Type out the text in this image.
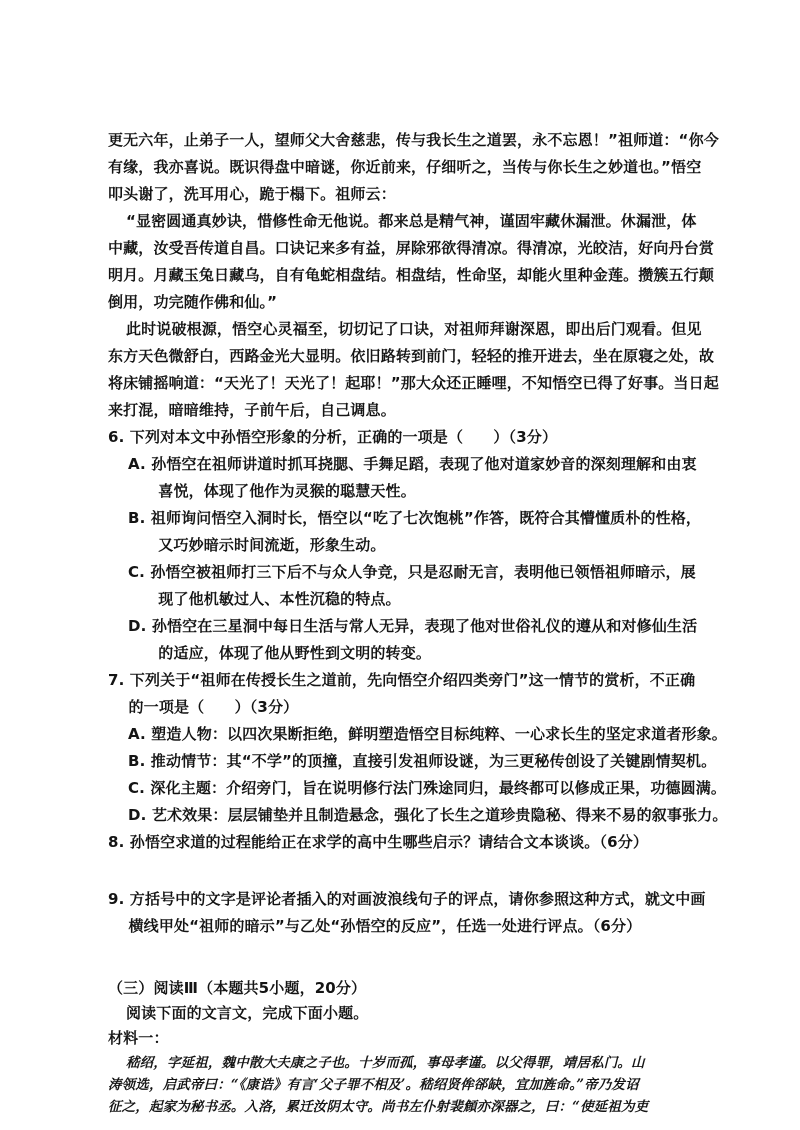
更无六年，止弟子一人，望师父大舍慈悲，传与我长生之道罢，永不忘恩！”祖师道：“你今
有缘，我亦喜说。既识得盘中暗谜，你近前来，仔细听之，当传与你长生之妙道也。”悟空
叩头谢了，洗耳用心，跪于榻下。祖师云：
“显密圆通真妙诀，惜修性命无他说。都来总是精气神，谨固牢藏休漏泄。休漏泄，体
中藏，汝受吾传道自昌。口诀记来多有益，屏除邪欲得清凉。得清凉，光皎洁，好向丹台赏
明月。月藏玉兔日藏乌，自有龟蛇相盘结。相盘结，性命坚，却能火里种金莲。攒簇五行颠
倒用，功完随作佛和仙。”
此时说破根源，悟空心灵福至，切切记了口诀，对祖师拜谢深恩，即出后门观看。但见
东方天色微舒白，西路金光大显明。依旧路转到前门，轻轻的推开进去，坐在原寝之处，故
将床铺摇响道：“天光了！天光了！起耶！”那大众还正睡哩，不知悟空已得了好事。当日起
来打混，暗暗维持，子前午后，自己调息。
6. 下列对本文中孙悟空形象的分析，正确的一项是（　　）（3分）
A. 孙悟空在祖师讲道时抓耳挠腮、手舞足蹈，表现了他对道家妙音的深刻理解和由衷
　　喜悦，体现了他作为灵猴的聪慧天性。
B. 祖师询问悟空入洞时长，悟空以“吃了七次饱桃”作答，既符合其懵懂质朴的性格，
　　又巧妙暗示时间流逝，形象生动。
C. 孙悟空被祖师打三下后不与众人争竞，只是忍耐无言，表明他已领悟祖师暗示，展
　　现了他机敏过人、本性沉稳的特点。
D. 孙悟空在三星洞中每日生活与常人无异，表现了他对世俗礼仪的遵从和对修仙生活
　　的适应，体现了他从野性到文明的转变。
7. 下列关于“祖师在传授长生之道前，先向悟空介绍四类旁门”这一情节的赏析，不正确
　 的一项是（　　）（3分）
A. 塑造人物：以四次果断拒绝，鲜明塑造悟空目标纯粹、一心求长生的坚定求道者形象。
B. 推动情节：其“不学”的顶撞，直接引发祖师设谜，为三更秘传创设了关键剧情契机。
C. 深化主题：介绍旁门，旨在说明修行法门殊途同归，最终都可以修成正果，功德圆满。
D. 艺术效果：层层铺垫并且制造悬念，强化了长生之道珍贵隐秘、得来不易的叙事张力。
8. 孙悟空求道的过程能给正在求学的高中生哪些启示？请结合文本谈谈。（6分）
9. 方括号中的文字是评论者插入的对画波浪线句子的评点，请你参照这种方式，就文中画
　 横线甲处“祖师的暗示”与乙处“孙悟空的反应”，任选一处进行评点。（6分）
（三）阅读Ⅲ（本题共5小题，20分）
阅读下面的文言文，完成下面小题。
材料一：
嵇绍，字延祖，魏中散大夫康之子也。十岁而孤，事母孝谨。以父得罪，靖居私门。山
涛领选，启武帝曰：“《康诰》有言‘父子罪不相及’。嵇绍贤侔郤缺，宜加旌命。”帝乃发诏
征之，起家为秘书丞。入洛，累迁汝阴太守。尚书左仆射裴頠亦深器之，曰：“使延祖为吏
